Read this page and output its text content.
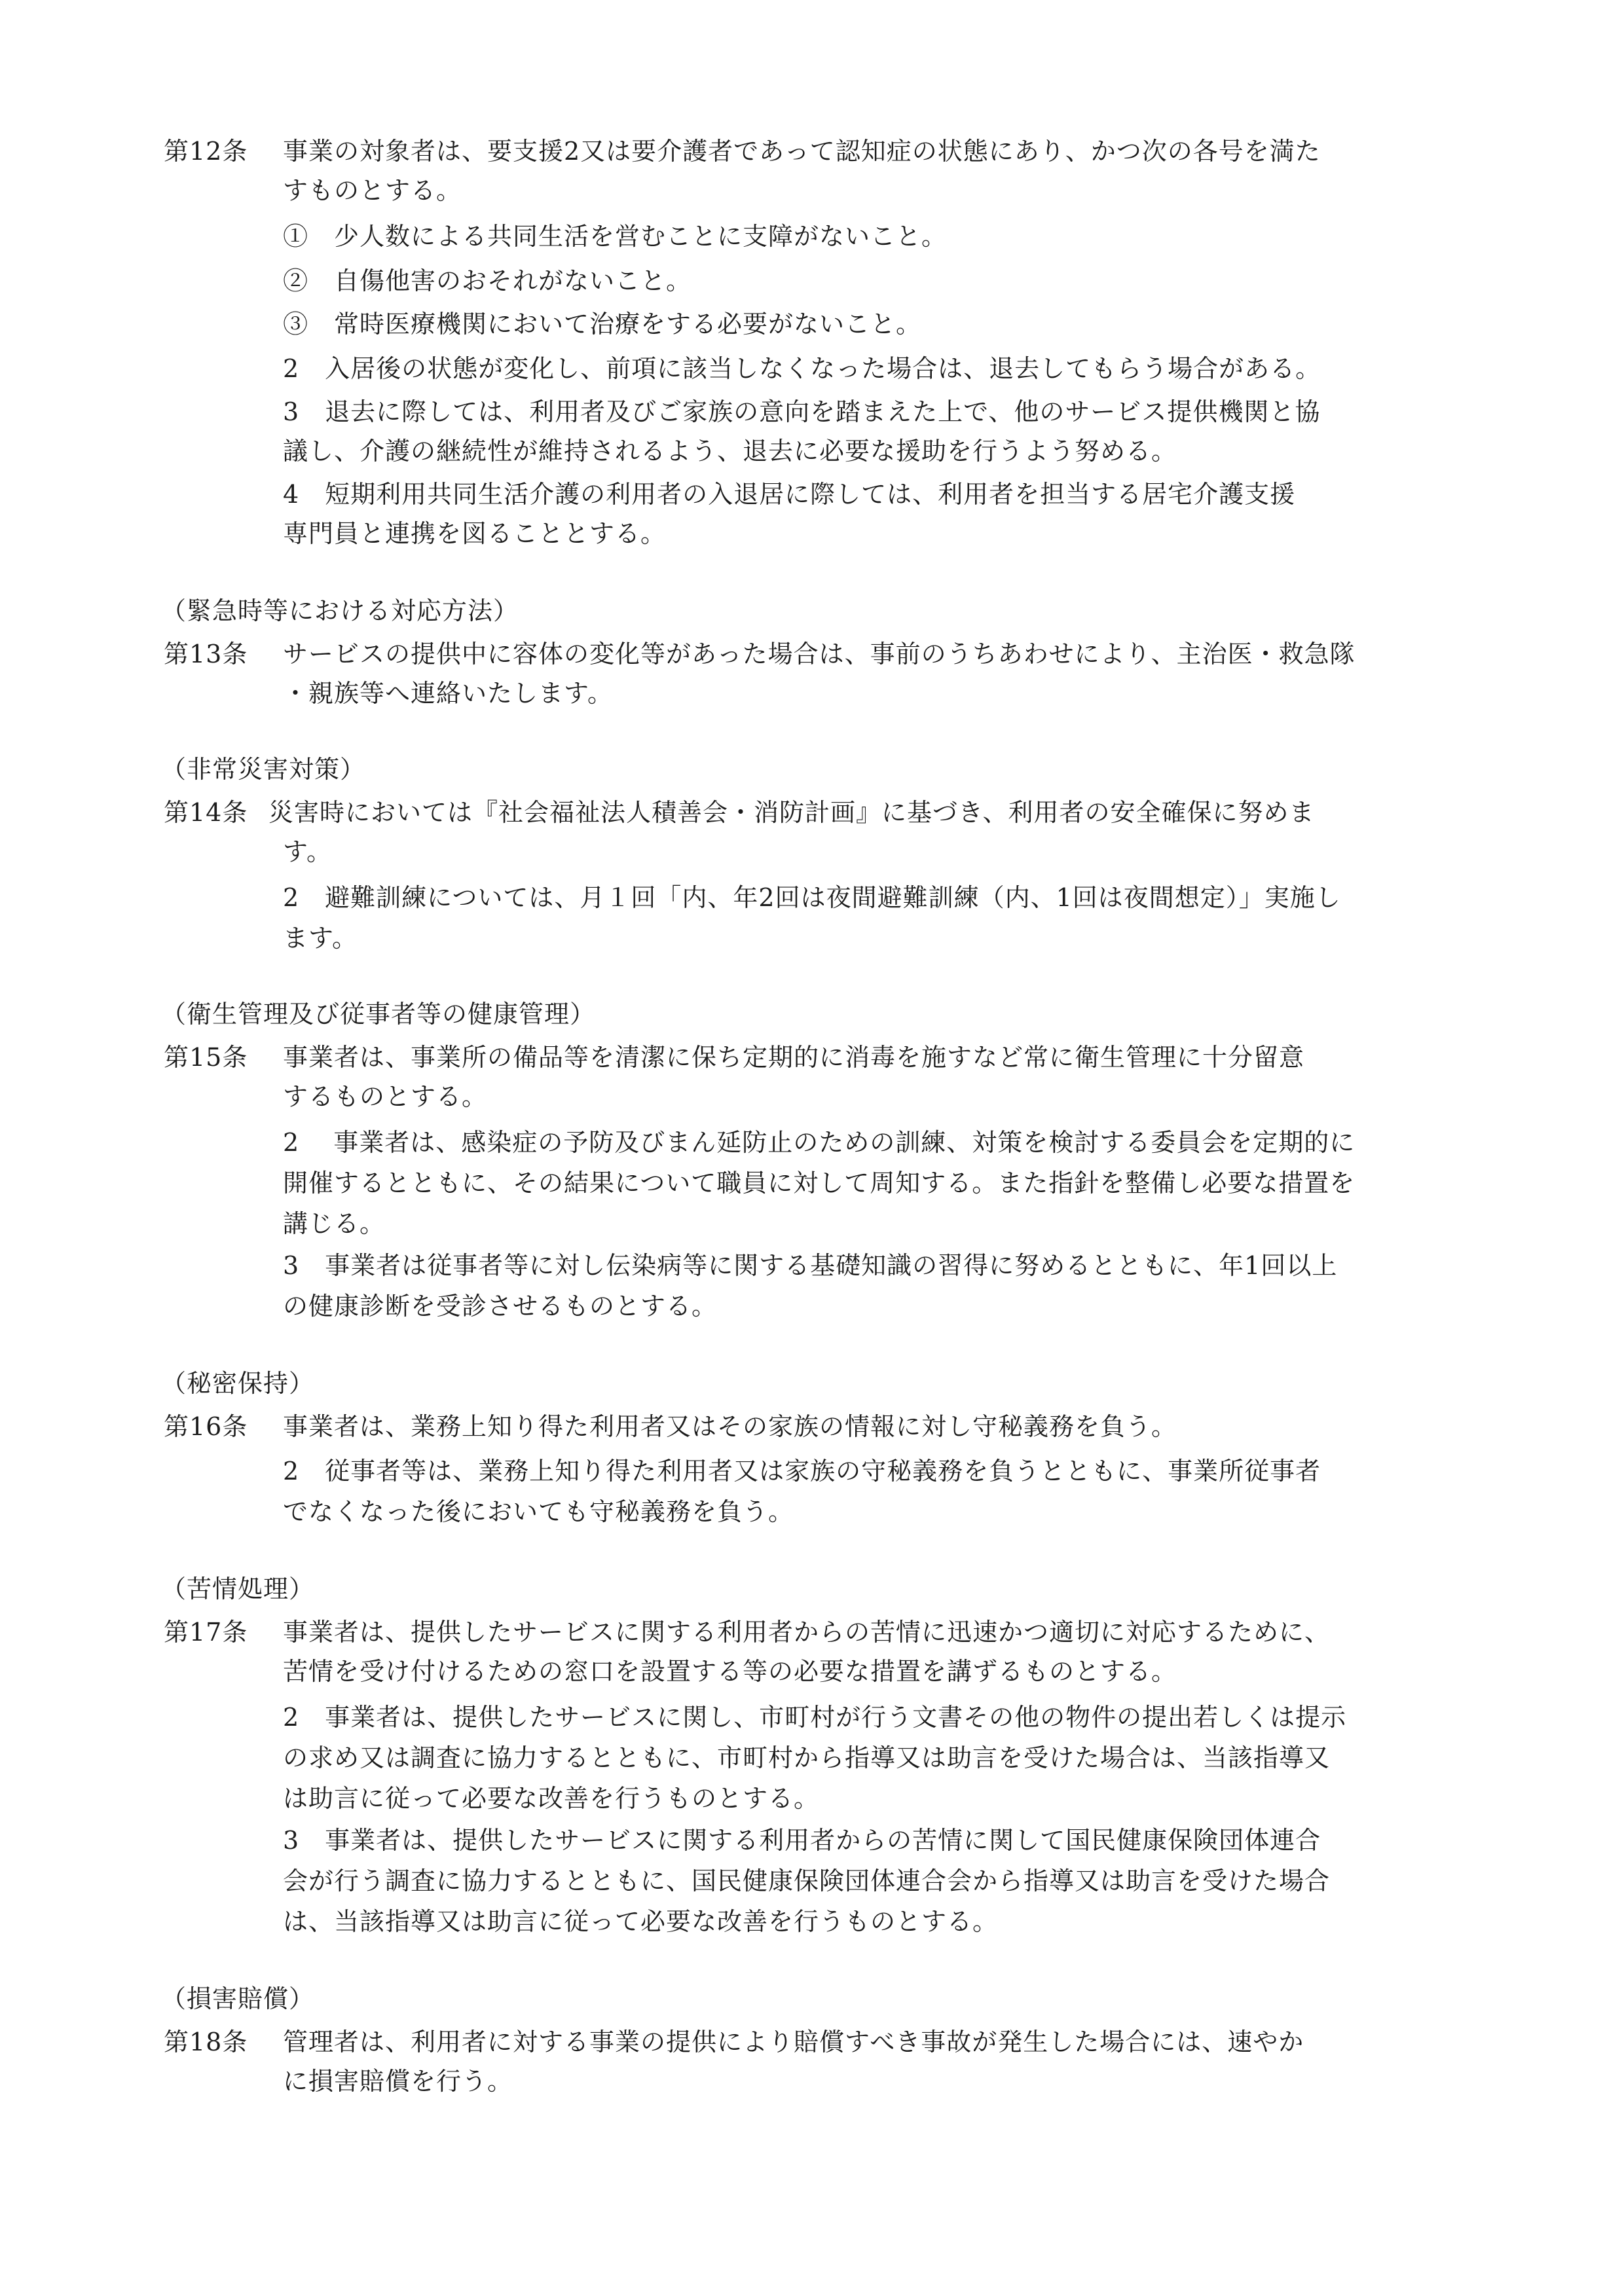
第12条 事業の対象者は、要支援2又は要介護者であって認知症の状態にあり、かつ次の各号を満た
すものとする。
①　少人数による共同生活を営むことに支障がないこと。
②　自傷他害のおそれがないこと。
③　常時医療機関において治療をする必要がないこと。
2　入居後の状態が変化し、前項に該当しなくなった場合は、退去してもらう場合がある。
3　退去に際しては、利用者及びご家族の意向を踏まえた上で、他のサービス提供機関と協
議し、介護の継続性が維持されるよう、退去に必要な援助を行うよう努める。
4　短期利用共同生活介護の利用者の入退居に際しては、利用者を担当する居宅介護支援
専門員と連携を図ることとする。
（緊急時等における対応方法）
第13条 サービスの提供中に容体の変化等があった場合は、事前のうちあわせにより、主治医・救急隊
・親族等へ連絡いたします。
（非常災害対策）
第14条 災害時においては『社会福祉法人積善会・消防計画』に基づき、利用者の安全確保に努めま
す。
2　避難訓練については、月１回「内、年2回は夜間避難訓練（内、1回は夜間想定）」実施し
ます。
（衛生管理及び従事者等の健康管理）
第15条 事業者は、事業所の備品等を清潔に保ち定期的に消毒を施すなど常に衛生管理に十分留意
するものとする。
2　 事業者は、感染症の予防及びまん延防止のための訓練、対策を検討する委員会を定期的に
開催するとともに、その結果について職員に対して周知する。また指針を整備し必要な措置を
講じる。
3　事業者は従事者等に対し伝染病等に関する基礎知識の習得に努めるとともに、年1回以上
の健康診断を受診させるものとする。
（秘密保持）
第16条 事業者は、業務上知り得た利用者又はその家族の情報に対し守秘義務を負う。
2　従事者等は、業務上知り得た利用者又は家族の守秘義務を負うとともに、事業所従事者
でなくなった後においても守秘義務を負う。
（苦情処理）
第17条 事業者は、提供したサービスに関する利用者からの苦情に迅速かつ適切に対応するために、
苦情を受け付けるための窓口を設置する等の必要な措置を講ずるものとする。
2　事業者は、提供したサービスに関し、市町村が行う文書その他の物件の提出若しくは提示
の求め又は調査に協力するとともに、市町村から指導又は助言を受けた場合は、当該指導又
は助言に従って必要な改善を行うものとする。
3　事業者は、提供したサービスに関する利用者からの苦情に関して国民健康保険団体連合
会が行う調査に協力するとともに、国民健康保険団体連合会から指導又は助言を受けた場合
は、当該指導又は助言に従って必要な改善を行うものとする。
（損害賠償）
第18条 管理者は、利用者に対する事業の提供により賠償すべき事故が発生した場合には、速やか
に損害賠償を行う。
